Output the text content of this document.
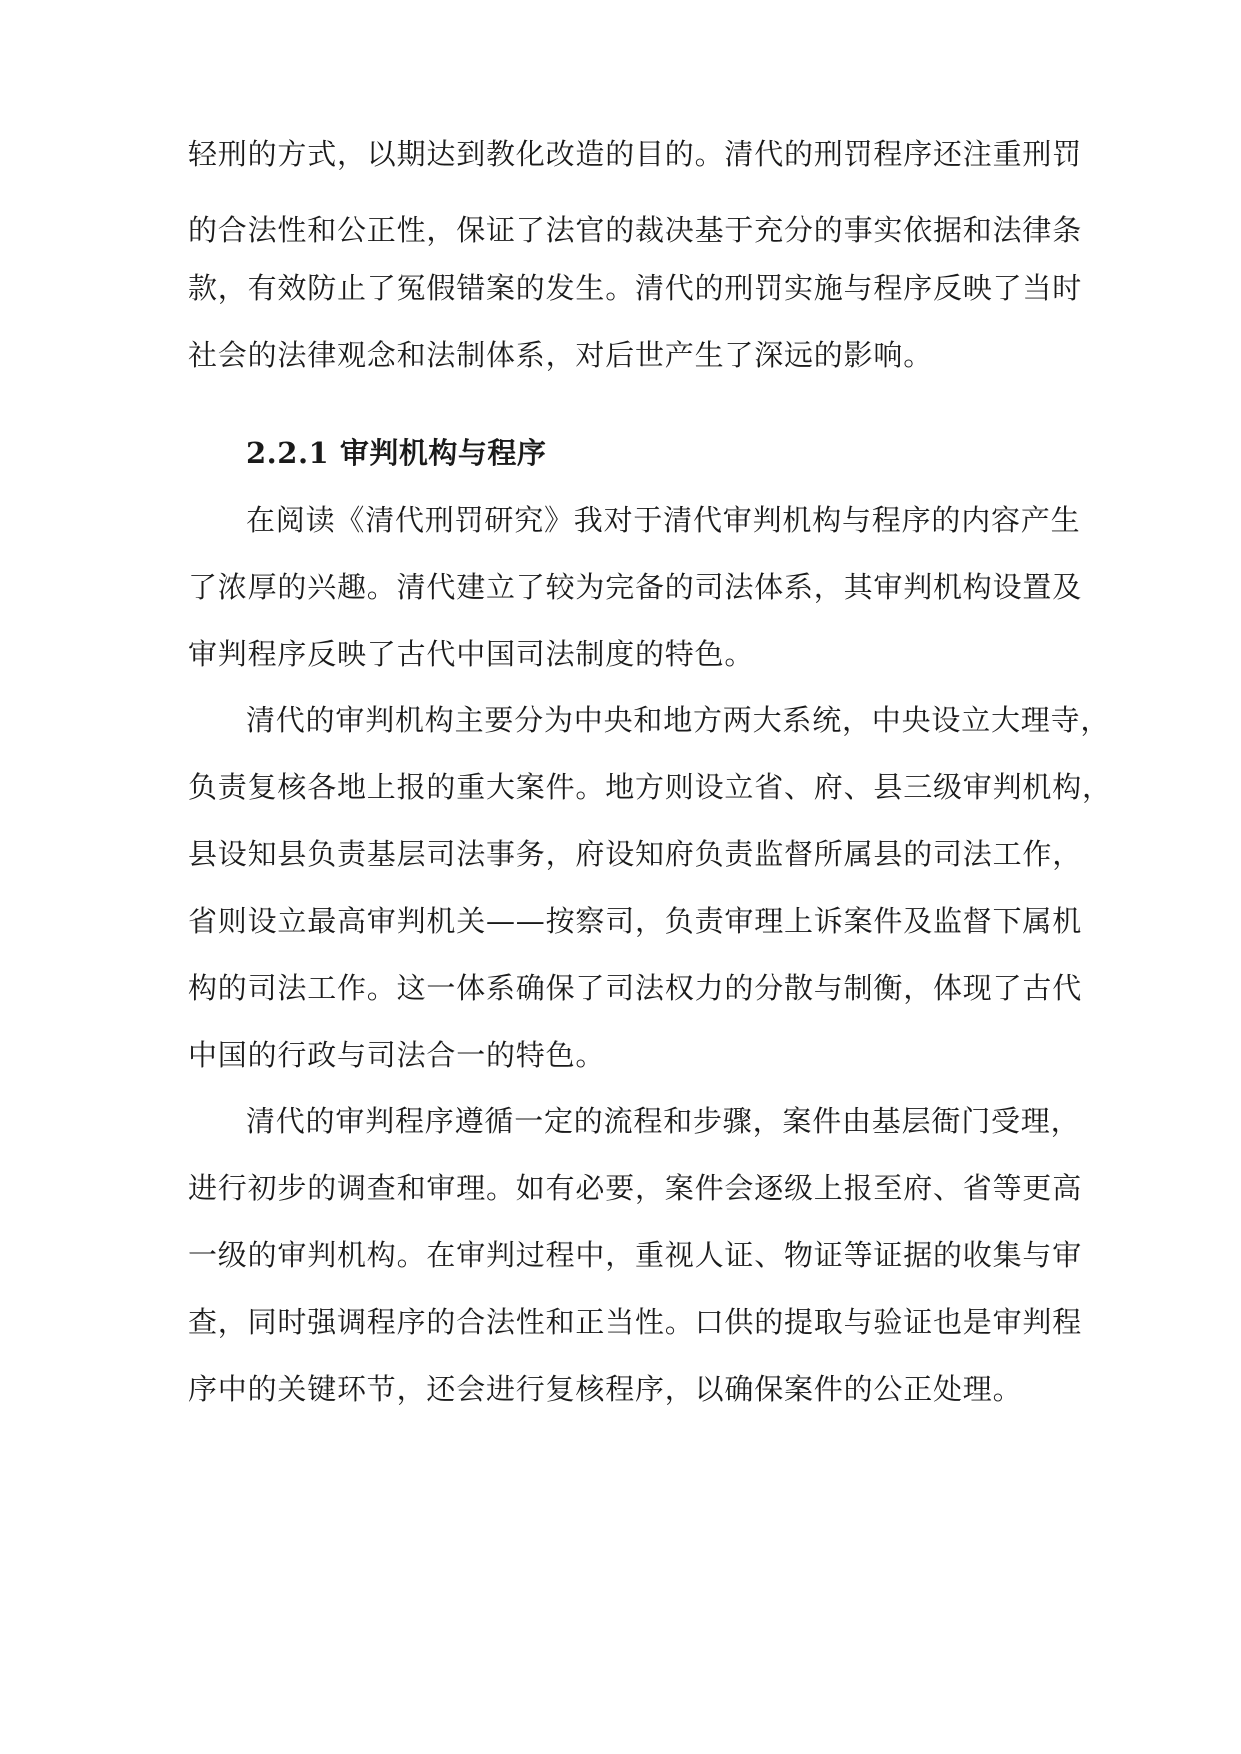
轻刑的方式，以期达到教化改造的目的。清代的刑罚程序还注重刑罚
的合法性和公正性，保证了法官的裁决基于充分的事实依据和法律条
款，有效防止了冤假错案的发生。清代的刑罚实施与程序反映了当时
社会的法律观念和法制体系，对后世产生了深远的影响。
2.2.1 审判机构与程序
在阅读《清代刑罚研究》我对于清代审判机构与程序的内容产生
了浓厚的兴趣。清代建立了较为完备的司法体系，其审判机构设置及
审判程序反映了古代中国司法制度的特色。
清代的审判机构主要分为中央和地方两大系统，中央设立大理寺，
负责复核各地上报的重大案件。地方则设立省、府、县三级审判机构，
县设知县负责基层司法事务，府设知府负责监督所属县的司法工作，
省则设立最高审判机关——按察司，负责审理上诉案件及监督下属机
构的司法工作。这一体系确保了司法权力的分散与制衡，体现了古代
中国的行政与司法合一的特色。
清代的审判程序遵循一定的流程和步骤，案件由基层衙门受理，
进行初步的调查和审理。如有必要，案件会逐级上报至府、省等更高
一级的审判机构。在审判过程中，重视人证、物证等证据的收集与审
查，同时强调程序的合法性和正当性。口供的提取与验证也是审判程
序中的关键环节，还会进行复核程序，以确保案件的公正处理。
